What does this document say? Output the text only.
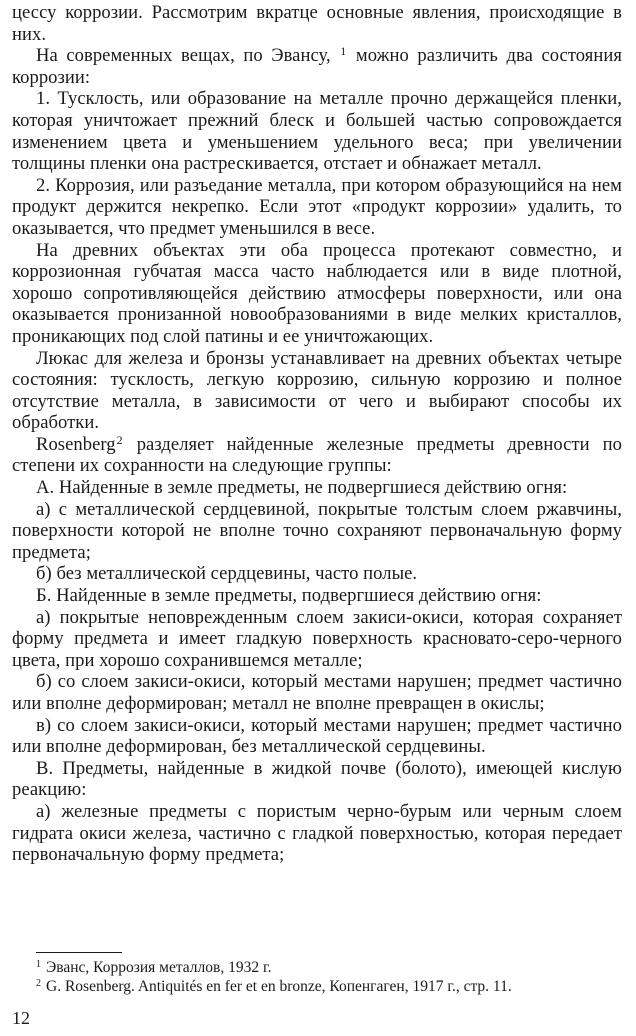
цессу коррозии. Рассмотрим вкратце основные явления, происходящие в них.

На современных вещах, по Эвансу, $^1$ можно различить два состояния коррозии:

1. Тусклость, или образование на металле прочно держащейся пленки, которая уничтожает прежний блеск и большей частью сопровождается изменением цвета и уменьшением удельного веса; при увеличении толщины пленки она растрескивается, отстает и обнажает металл.

2. Коррозия, или разъедание металла, при котором образующийся на нем продукт держится некрепко. Если этот «продукт коррозии» удалить, то оказывается, что предмет уменьшился в весе.

На древних объектах эти оба процесса протекают совместно, и коррозионная губчатая масса часто наблюдается или в виде плотной, хорошо сопротивляющейся действию атмосферы поверхности, или она оказывается пронизанной новообразованиями в виде мелких кристаллов, проникающих под слой патины и ее уничтожающих.

Люкас для железа и бронзы устанавливает на древних объектах четыре состояния: тусклость, легкую коррозию, сильную коррозию и полное отсутствие металла, в зависимости от чего и выбирают способы их обработки.

Rosenberg$^2$ разделяет найденные железные предметы древности по степени их сохранности на следующие группы:

А. Найденные в земле предметы, не подвергшиеся действию огня:

а) с металлической сердцевиной, покрытые толстым слоем ржавчины, поверхности которой не вполне точно сохраняют первоначальную форму предмета;

б) без металлической сердцевины, часто полые.

Б. Найденные в земле предметы, подвергшиеся действию огня:

а) покрытые неповрежденным слоем закиси-окиси, которая сохраняет форму предмета и имеет гладкую поверхность красновато-серо-черного цвета, при хорошо сохранившемся металле;

б) со слоем закиси-окиси, который местами нарушен; предмет частично или вполне деформирован; металл не вполне превращен в окислы;

в) со слоем закиси-окиси, который местами нарушен; предмет частично или вполне деформирован, без металлической сердцевины.

В. Предметы, найденные в жидкой почве (болото), имеющей кислую реакцию:

а) железные предметы с пористым черно-бурым или черным слоем гидрата окиси железа, частично с гладкой поверхностью, которая передает первоначальную форму предмета;

$^1$ Эванс, Коррозия металлов, 1932 г.
$^2$ G. Rosenberg. Antiquités en fer et en bronze, Копенгаген, 1917 г., стр. 11.
12
